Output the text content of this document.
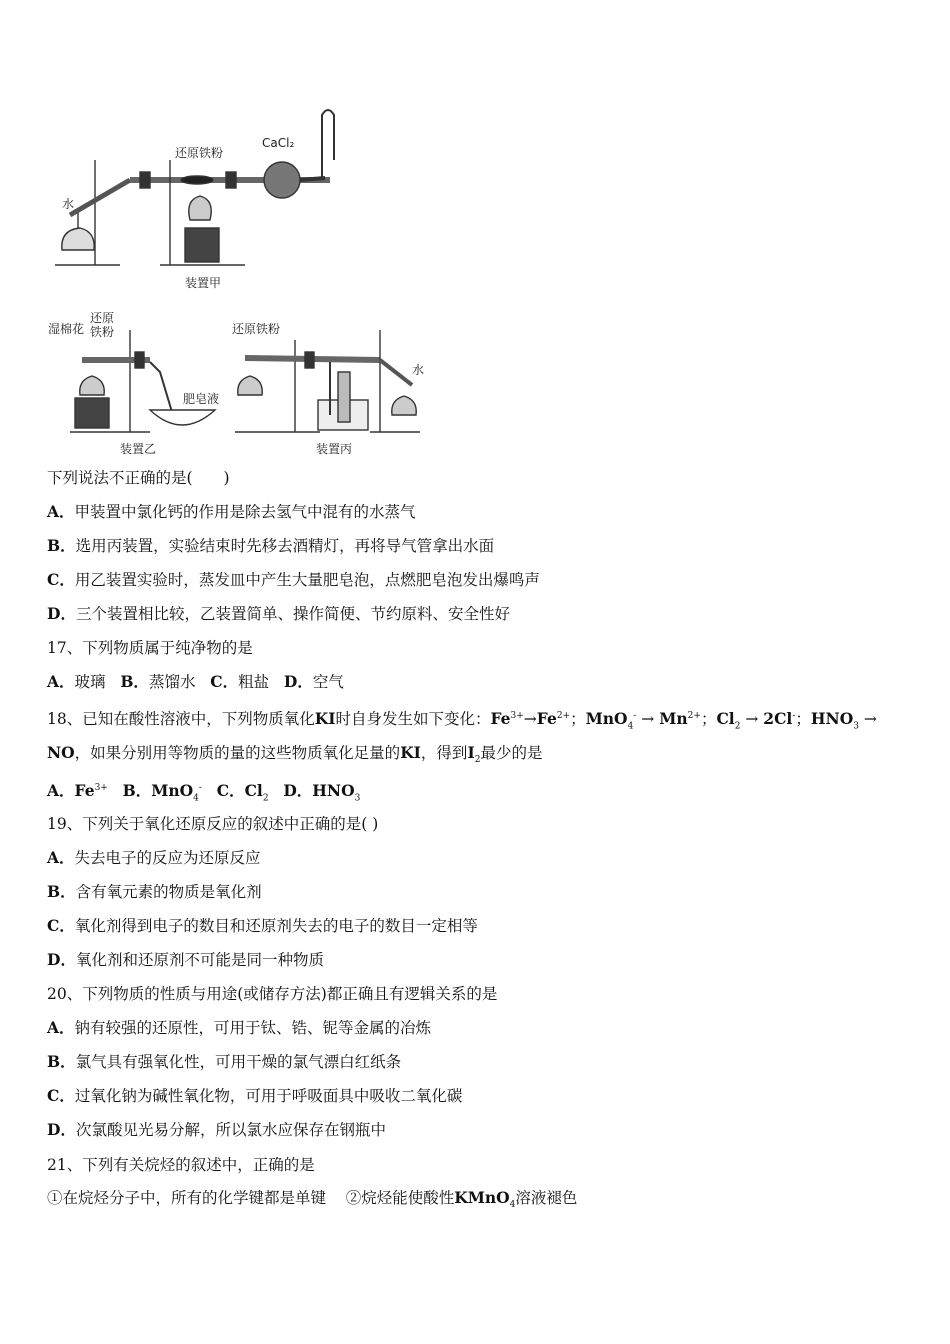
水
还原铁粉
CaCl₂
装置甲
湿棉花
还原
铁粉
肥皂液
装置乙
还原铁粉
水
装置丙
下列说法不正确的是(　　)
A．甲装置中氯化钙的作用是除去氢气中混有的水蒸气
B．选用丙装置，实验结束时先移去酒精灯，再将导气管拿出水面
C．用乙装置实验时，蒸发皿中产生大量肥皂泡，点燃肥皂泡发出爆鸣声
D．三个装置相比较，乙装置简单、操作简便、节约原料、安全性好
17、下列物质属于纯净物的是
A．玻璃 B．蒸馏水 C．粗盐 D．空气
18、已知在酸性溶液中，下列物质氧化KI时自身发生如下变化：$Fe^{3+}\to Fe^{2+}$；$MnO_4^- \to Mn^{2+}$；$Cl_2 \to 2Cl^-$；$HNO_3$ →
NO，如果分别用等物质的量的这些物质氧化足量的KI，得到$I_2$最少的是
A．$Fe^{3+}$ B．MnO$_4$- C．$Cl_2$ D．$HNO_3$
19、下列关于氧化还原反应的叙述中正确的是( )
A．失去电子的反应为还原反应
B．含有氧元素的物质是氧化剂
C．氧化剂得到电子的数目和还原剂失去的电子的数目一定相等
D．氧化剂和还原剂不可能是同一种物质
20、下列物质的性质与用途(或储存方法)都正确且有逻辑关系的是
A．钠有较强的还原性，可用于钛、锆、铌等金属的冶炼
B．氯气具有强氧化性，可用干燥的氯气漂白红纸条
C．过氧化钠为碱性氧化物，可用于呼吸面具中吸收二氧化碳
D．次氯酸见光易分解，所以氯水应保存在钢瓶中
21、下列有关烷烃的叙述中，正确的是
①在烷烃分子中，所有的化学键都是单键 ②烷烃能使酸性KMnO$_4$溶液褪色
